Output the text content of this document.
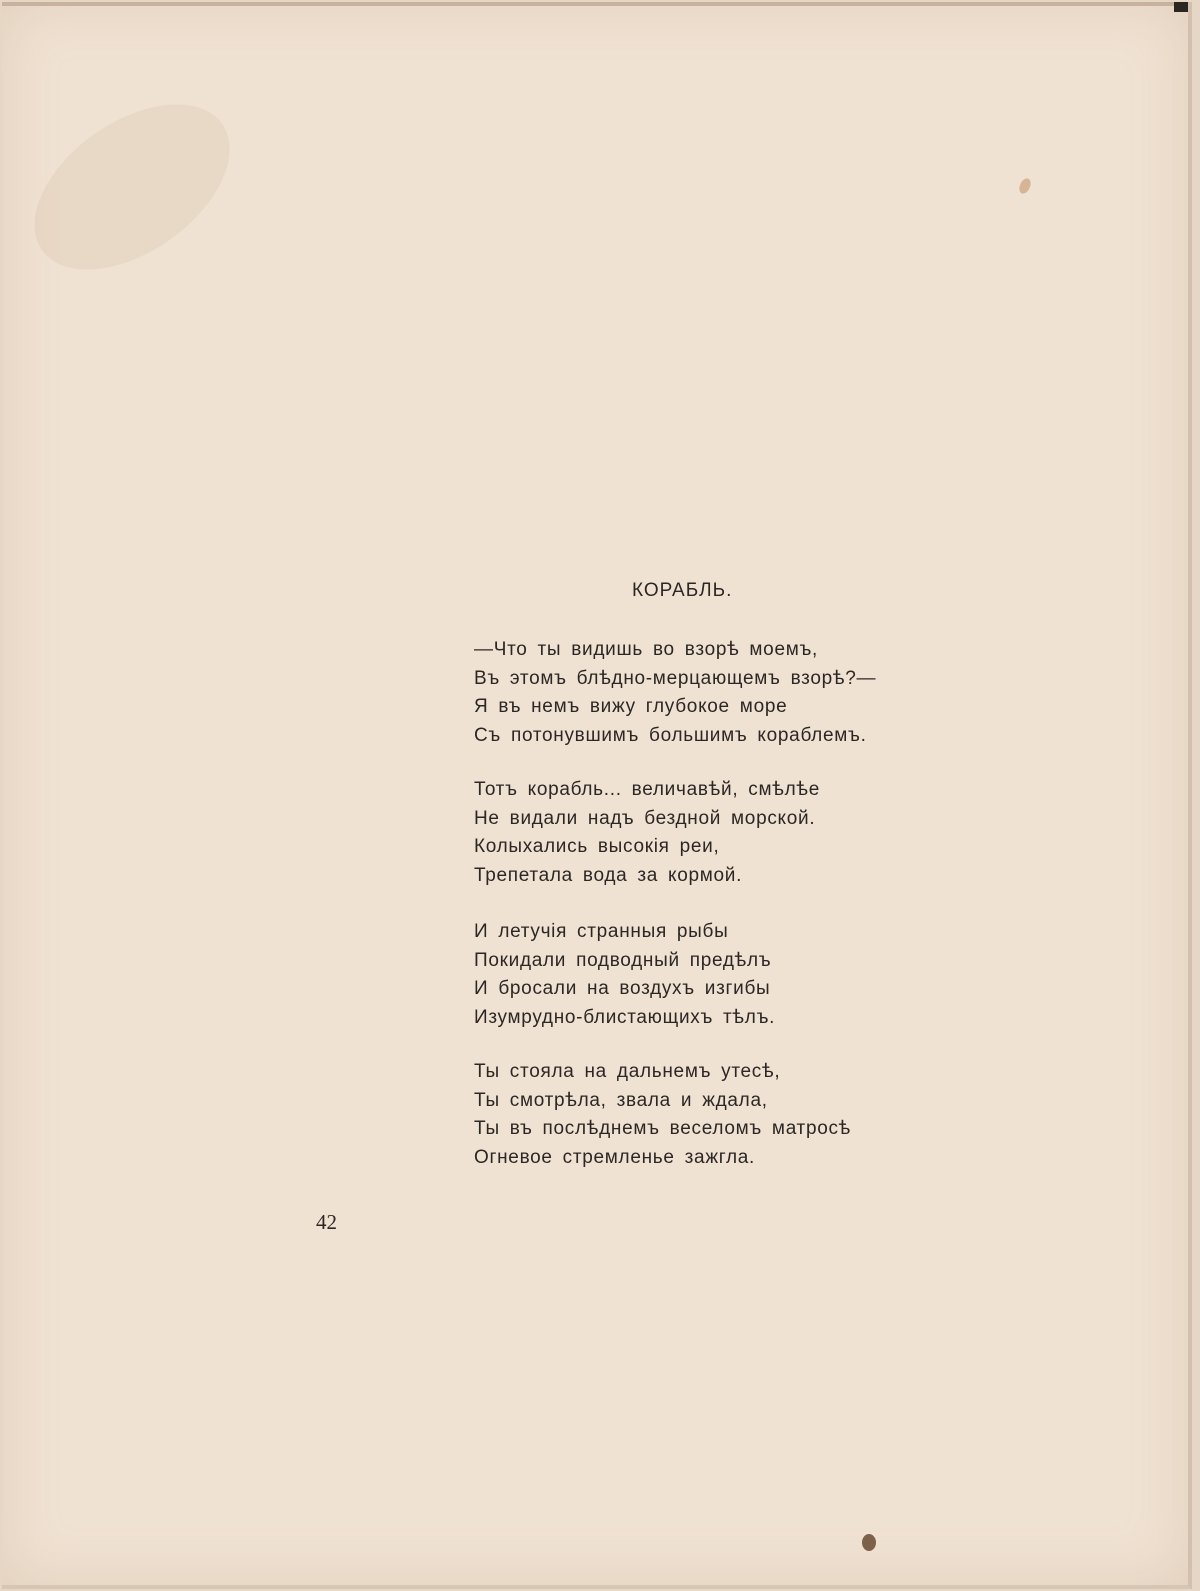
КОРАБЛЬ.
—Что ты видишь во взорѣ моемъ,
Въ этомъ блѣдно-мерцающемъ взорѣ?—
Я въ немъ вижу глубокое море
Съ потонувшимъ большимъ кораблемъ.
Тотъ корабль... величавѣй, смѣлѣе
Не видали надъ бездной морской.
Колыхались высокія реи,
Трепетала вода за кормой.
И летучія странныя рыбы
Покидали подводный предѣлъ
И бросали на воздухъ изгибы
Изумрудно-блистающихъ тѣлъ.
Ты стояла на дальнемъ утесѣ,
Ты смотрѣла, звала и ждала,
Ты въ послѣднемъ веселомъ матросѣ
Огневое стремленье зажгла.
42
